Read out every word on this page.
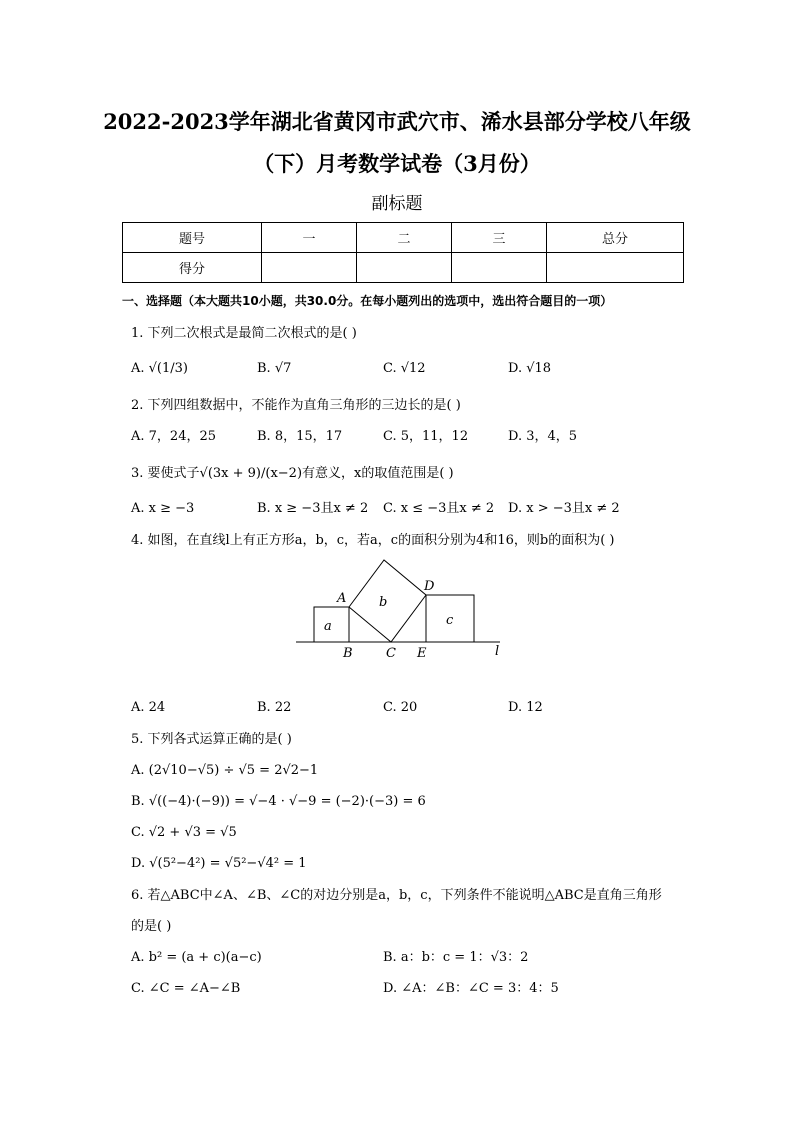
2022-2023学年湖北省黄冈市武穴市、浠水县部分学校八年级
（下）月考数学试卷（3月份）
副标题
题号	一	二	三	总分
得分				
一、选择题（本大题共10小题，共30.0分。在每小题列出的选项中，选出符合题目的一项）
1. 下列二次根式是最简二次根式的是( )
A. √(1/3)	B. √7	C. √12	D. √18
2. 下列四组数据中，不能作为直角三角形的三边长的是( )
A. 7，24，25	B. 8，15，17	C. 5，11，12	D. 3，4，5
3. 要使式子√(3x + 9)/(x−2)有意义，x的取值范围是( )
A. x ≥ −3	B. x ≥ −3且x ≠ 2 C. x ≤ −3且x ≠ 2 D. x > −3且x ≠ 2
4. 如图，在直线l上有正方形a，b，c，若a，c的面积分别为4和16，则b的面积为( )
A
B	C
D
E	l
a
b
c
A. 24	B. 22	C. 20	D. 12
5. 下列各式运算正确的是( )
A. (2√10−√5) ÷ √5 = 2√2−1
B. √((−4)·(−9)) = √−4 · √−9 = (−2)·(−3) = 6
C. √2 + √3 = √5
D. √(5²−4²) = √5²−√4² = 1
6. 若△ABC中∠A、∠B、∠C的对边分别是a，b，c，下列条件不能说明△ABC是直角三角形
的是( )
A. b² = (a + c)(a−c)	B. a：b：c = 1：√3：2
C. ∠C = ∠A−∠B	D. ∠A：∠B：∠C = 3：4：5
